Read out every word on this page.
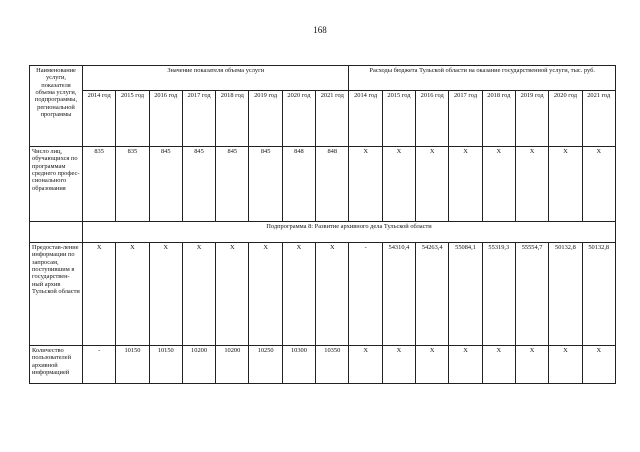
168
Наименование услуги, показателя объема услуги, подпрограммы, региональной программы	Значение показателя объема услуги								Расходы бюджета Тульской области на оказание государственной услуги, тыс. руб.							
	2014 год	2015 год	2016 год	2017 год	2018 год	2019 год	2020 год	2021 год	2014 год	2015 год	2016 год	2017 год	2018 год	2019 год	2020 год	2021 год
Число лиц, обучающихся по программам среднего профес-сионального образования	835	835	845	845	845	845	848	848	X	X	X	X	X	X	X	X
	Подпрограмма 8: Развитие архивного дела Тульской области															
Предостав-ление информации по запросам, поступившим в государствен-ный архив Тульской области	X	X	X	X	X	X	X	X	-	54310,4	54263,4	55084,1	55319,3	55554,7	50132,8	50132,8
Количество пользователей архивной информацией	-	10150	10150	10200	10200	10250	10300	10350	X	X	X	X	X	X	X	X
